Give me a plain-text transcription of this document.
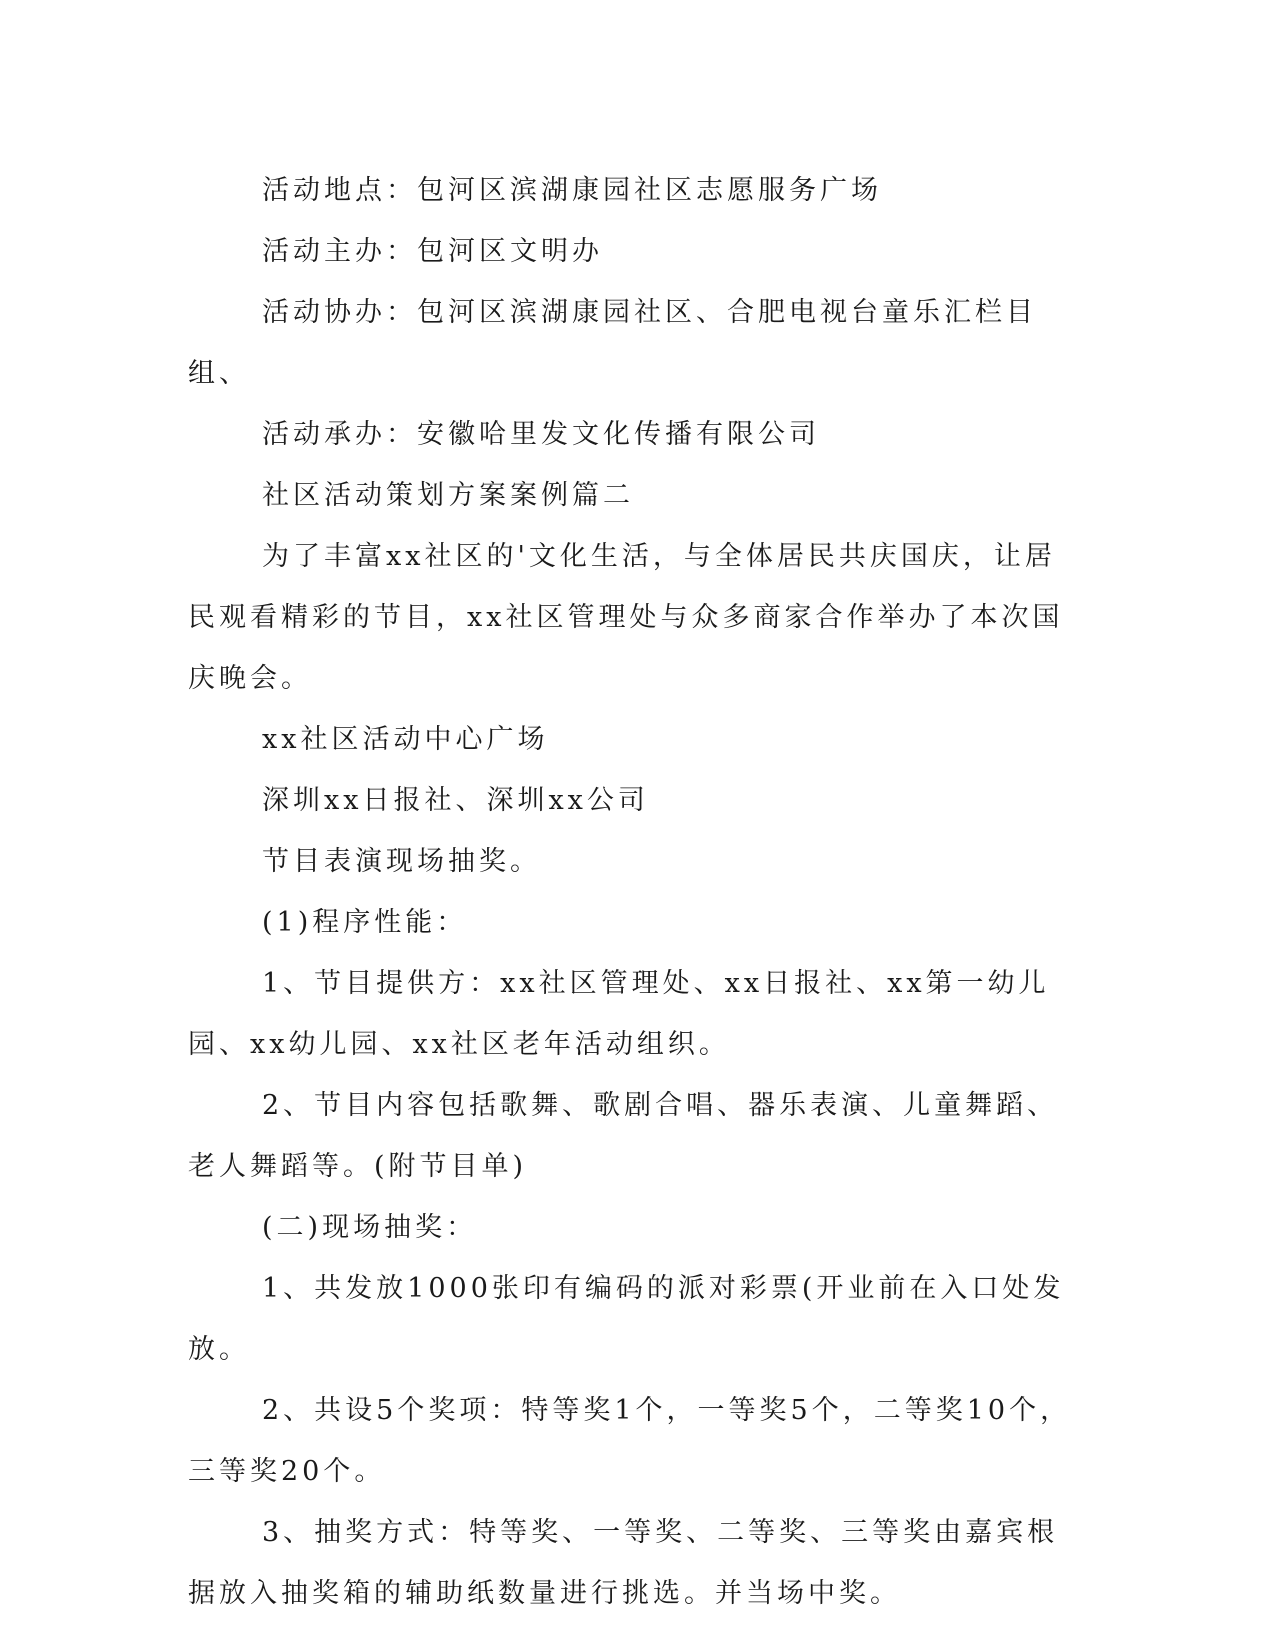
活动地点：包河区滨湖康园社区志愿服务广场

活动主办：包河区文明办

活动协办：包河区滨湖康园社区、合肥电视台童乐汇栏目组、

活动承办：安徽哈里发文化传播有限公司

社区活动策划方案案例篇二

为了丰富xx社区的'文化生活，与全体居民共庆国庆，让居民观看精彩的节目，xx社区管理处与众多商家合作举办了本次国庆晚会。

xx社区活动中心广场

深圳xx日报社、深圳xx公司

节目表演现场抽奖。

(1)程序性能：

1、节目提供方：xx社区管理处、xx日报社、xx第一幼儿园、xx幼儿园、xx社区老年活动组织。

2、节目内容包括歌舞、歌剧合唱、器乐表演、儿童舞蹈、老人舞蹈等。(附节目单)

(二)现场抽奖：

1、共发放1000张印有编码的派对彩票(开业前在入口处发放。

2、共设5个奖项：特等奖1个，一等奖5个，二等奖10个，三等奖20个。

3、抽奖方式：特等奖、一等奖、二等奖、三等奖由嘉宾根据放入抽奖箱的辅助纸数量进行挑选。并当场中奖。
